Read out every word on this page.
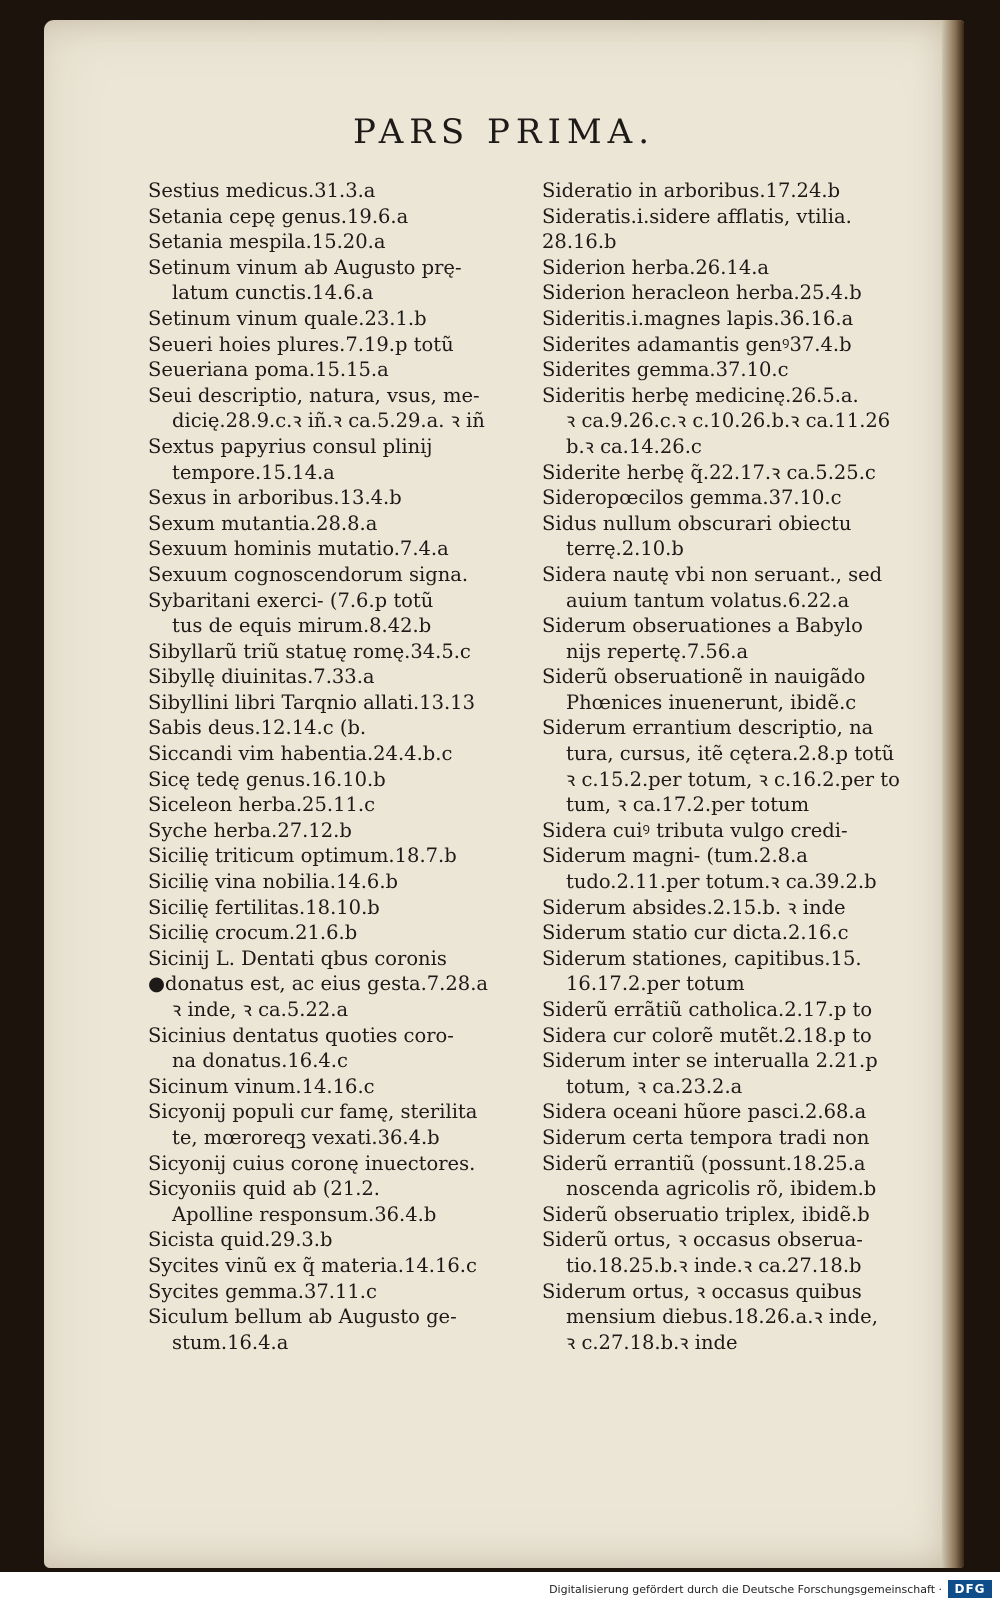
PARS PRIMA.
Sestius medicus.31.3.a
Setania cepę genus.19.6.a
Setania mespila.15.20.a
Setinum vinum ab Augusto prę-
latum cunctis.14.6.a
Setinum vinum quale.23.1.b
Seueri hoies plures.7.19.p totũ
Seueriana poma.15.15.a
Seui descriptio, natura, vsus, me-
dicię.28.9.c.ꝛ iñ.ꝛ ca.5.29.a. ꝛ iñ
Sextus papyrius consul plinij
tempore.15.14.a
Sexus in arboribus.13.4.b
Sexum mutantia.28.8.a
Sexuum hominis mutatio.7.4.a
Sexuum cognoscendorum signa.
Sybaritani exerci- (7.6.p totũ
tus de equis mirum.8.42.b
Sibyllarũ triũ statuę romę.34.5.c
Sibyllę diuinitas.7.33.a
Sibyllini libri Tarqnio allati.13.13
Sabis deus.12.14.c (b.
Siccandi vim habentia.24.4.b.c
Sicę tedę genus.16.10.b
Siceleon herba.25.11.c
Syche herba.27.12.b
Sicilię triticum optimum.18.7.b
Sicilię vina nobilia.14.6.b
Sicilię fertilitas.18.10.b
Sicilię crocum.21.6.b
Sicinij L. Dentati qbus coronis
●donatus est, ac eius gesta.7.28.a
ꝛ inde, ꝛ ca.5.22.a
Sicinius dentatus quoties coro-
na donatus.16.4.c
Sicinum vinum.14.16.c
Sicyonij populi cur famę, sterilita
te, mœroreqꝫ vexati.36.4.b
Sicyonij cuius coronę inuectores.
Sicyoniis quid ab (21.2.
Apolline responsum.36.4.b
Sicista quid.29.3.b
Sycites vinũ ex q̃ materia.14.16.c
Sycites gemma.37.11.c
Siculum bellum ab Augusto ge-
stum.16.4.a
Sideratio in arboribus.17.24.b
Sideratis.i.sidere afflatis, vtilia.
28.16.b
Siderion herba.26.14.a
Siderion heracleon herba.25.4.b
Sideritis.i.magnes lapis.36.16.a
Siderites adamantis genꝰ37.4.b
Siderites gemma.37.10.c
Sideritis herbę medicinę.26.5.a.
ꝛ ca.9.26.c.ꝛ c.10.26.b.ꝛ ca.11.26
b.ꝛ ca.14.26.c
Siderite herbę q̃.22.17.ꝛ ca.5.25.c
Sideropœcilos gemma.37.10.c
Sidus nullum obscurari obiectu
terrę.2.10.b
Sidera nautę vbi non seruant., sed
auium tantum volatus.6.22.a
Siderum obseruationes a Babylo
nijs repertę.7.56.a
Siderũ obseruationẽ in nauigãdo
Phœnices inuenerunt, ibidẽ.c
Siderum errantium descriptio, na
tura, cursus, itẽ cętera.2.8.p totũ
ꝛ c.15.2.per totum, ꝛ c.16.2.per to
tum, ꝛ ca.17.2.per totum
Sidera cuiꝰ tributa vulgo credi-
Siderum magni- (tum.2.8.a
tudo.2.11.per totum.ꝛ ca.39.2.b
Siderum absides.2.15.b. ꝛ inde
Siderum statio cur dicta.2.16.c
Siderum stationes, capitibus.15.
16.17.2.per totum
Siderũ errãtiũ catholica.2.17.p to
Sidera cur colorẽ mutẽt.2.18.p to
Siderum inter se interualla 2.21.p
totum, ꝛ ca.23.2.a
Sidera oceani hũore pasci.2.68.a
Siderum certa tempora tradi non
Siderũ errantiũ (possunt.18.25.a
noscenda agricolis rõ, ibidem.b
Siderũ obseruatio triplex, ibidẽ.b
Siderũ ortus, ꝛ occasus obserua-
tio.18.25.b.ꝛ inde.ꝛ ca.27.18.b
Siderum ortus, ꝛ occasus quibus
mensium diebus.18.26.a.ꝛ inde,
ꝛ c.27.18.b.ꝛ inde
Digitalisierung gefördert durch die Deutsche Forschungsgemeinschaft ·	DFG
